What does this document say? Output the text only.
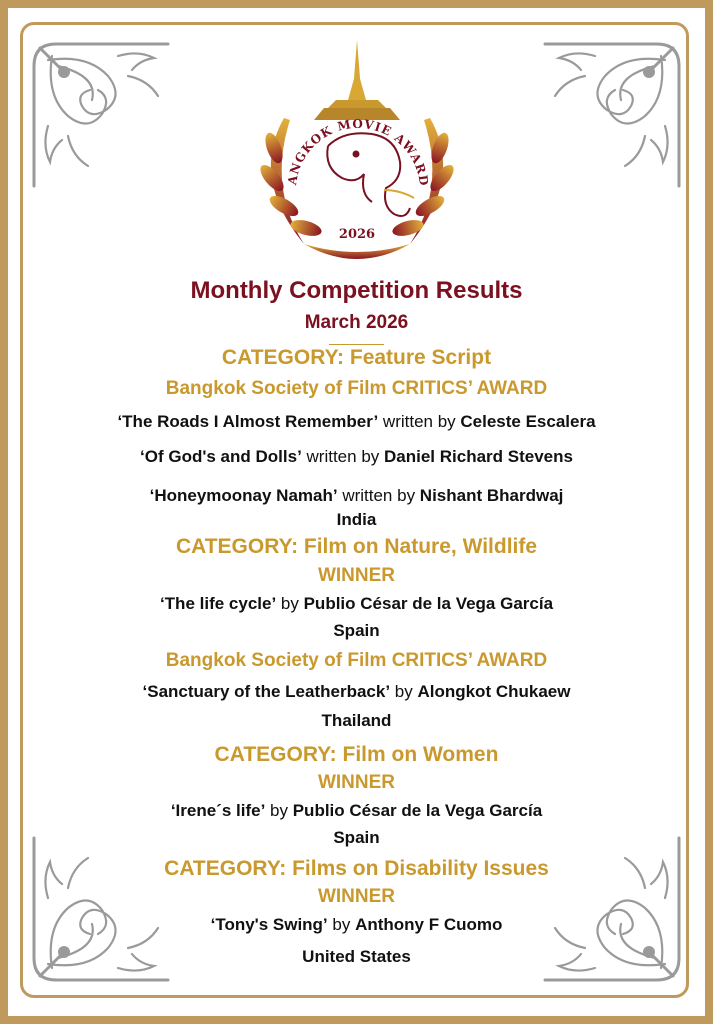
ANGKOK MOVIE AWARD
2026
Monthly Competition Results
March 2026
CATEGORY: Feature Script
Bangkok Society of Film CRITICS’ AWARD
‘The Roads I Almost Remember’ written by Celeste Escalera
‘Of God's and Dolls’ written by Daniel Richard Stevens
‘Honeymoonay Namah’ written by Nishant Bhardwaj
India
CATEGORY: Film on Nature, Wildlife
WINNER
‘The life cycle’ by Publio César de la Vega García
Spain
Bangkok Society of Film CRITICS’ AWARD
‘Sanctuary of the Leatherback’ by Alongkot Chukaew
Thailand
CATEGORY: Film on Women
WINNER
‘Irene´s life’ by Publio César de la Vega García
Spain
CATEGORY: Films on Disability Issues
WINNER
‘Tony's Swing’ by Anthony F Cuomo
United States
